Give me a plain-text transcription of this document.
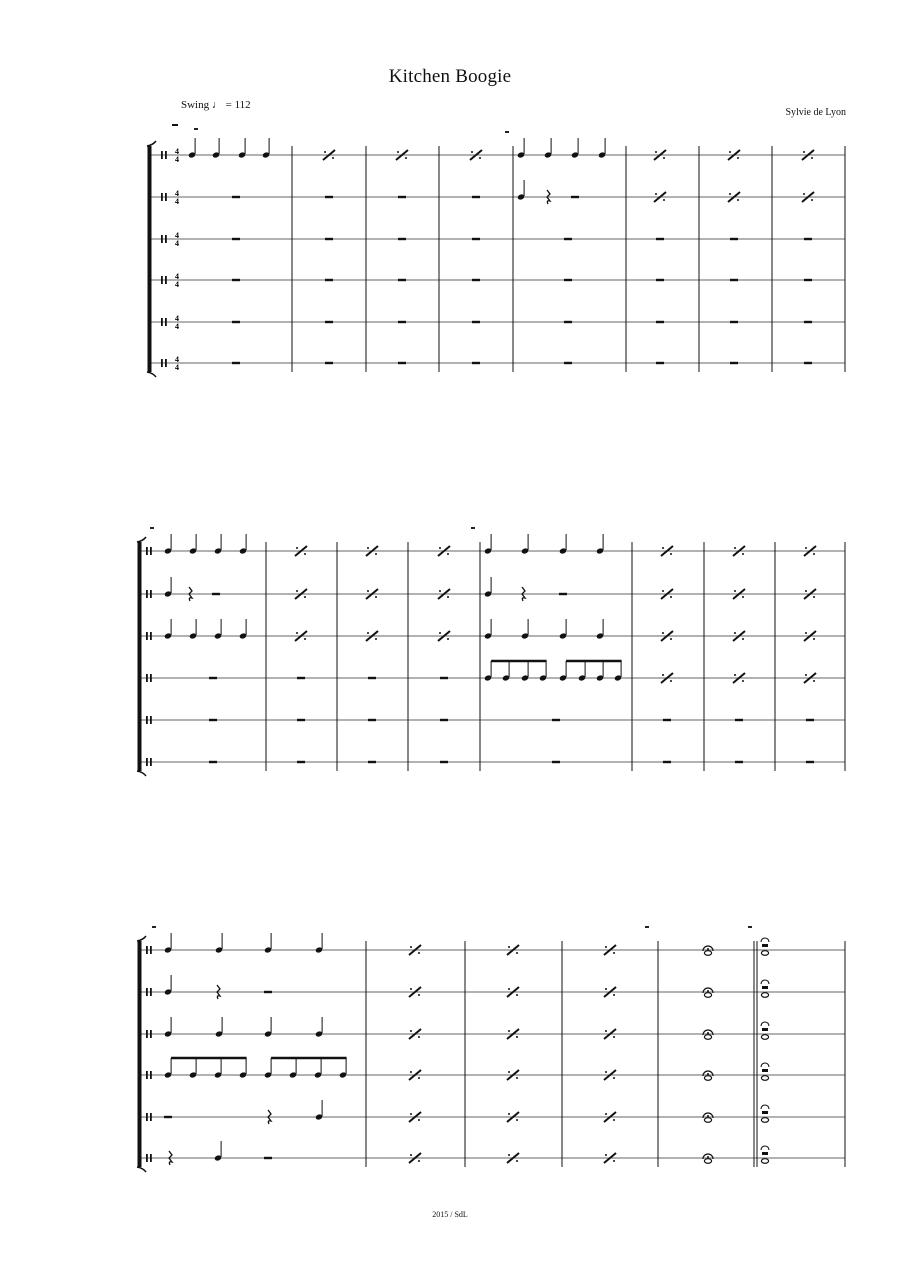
Kitchen Boogie
Swing ♩ = 112
Sylvie de Lyon
4
4
4
4
4
4
4
4
4
4
4
4
2015 / SdL
